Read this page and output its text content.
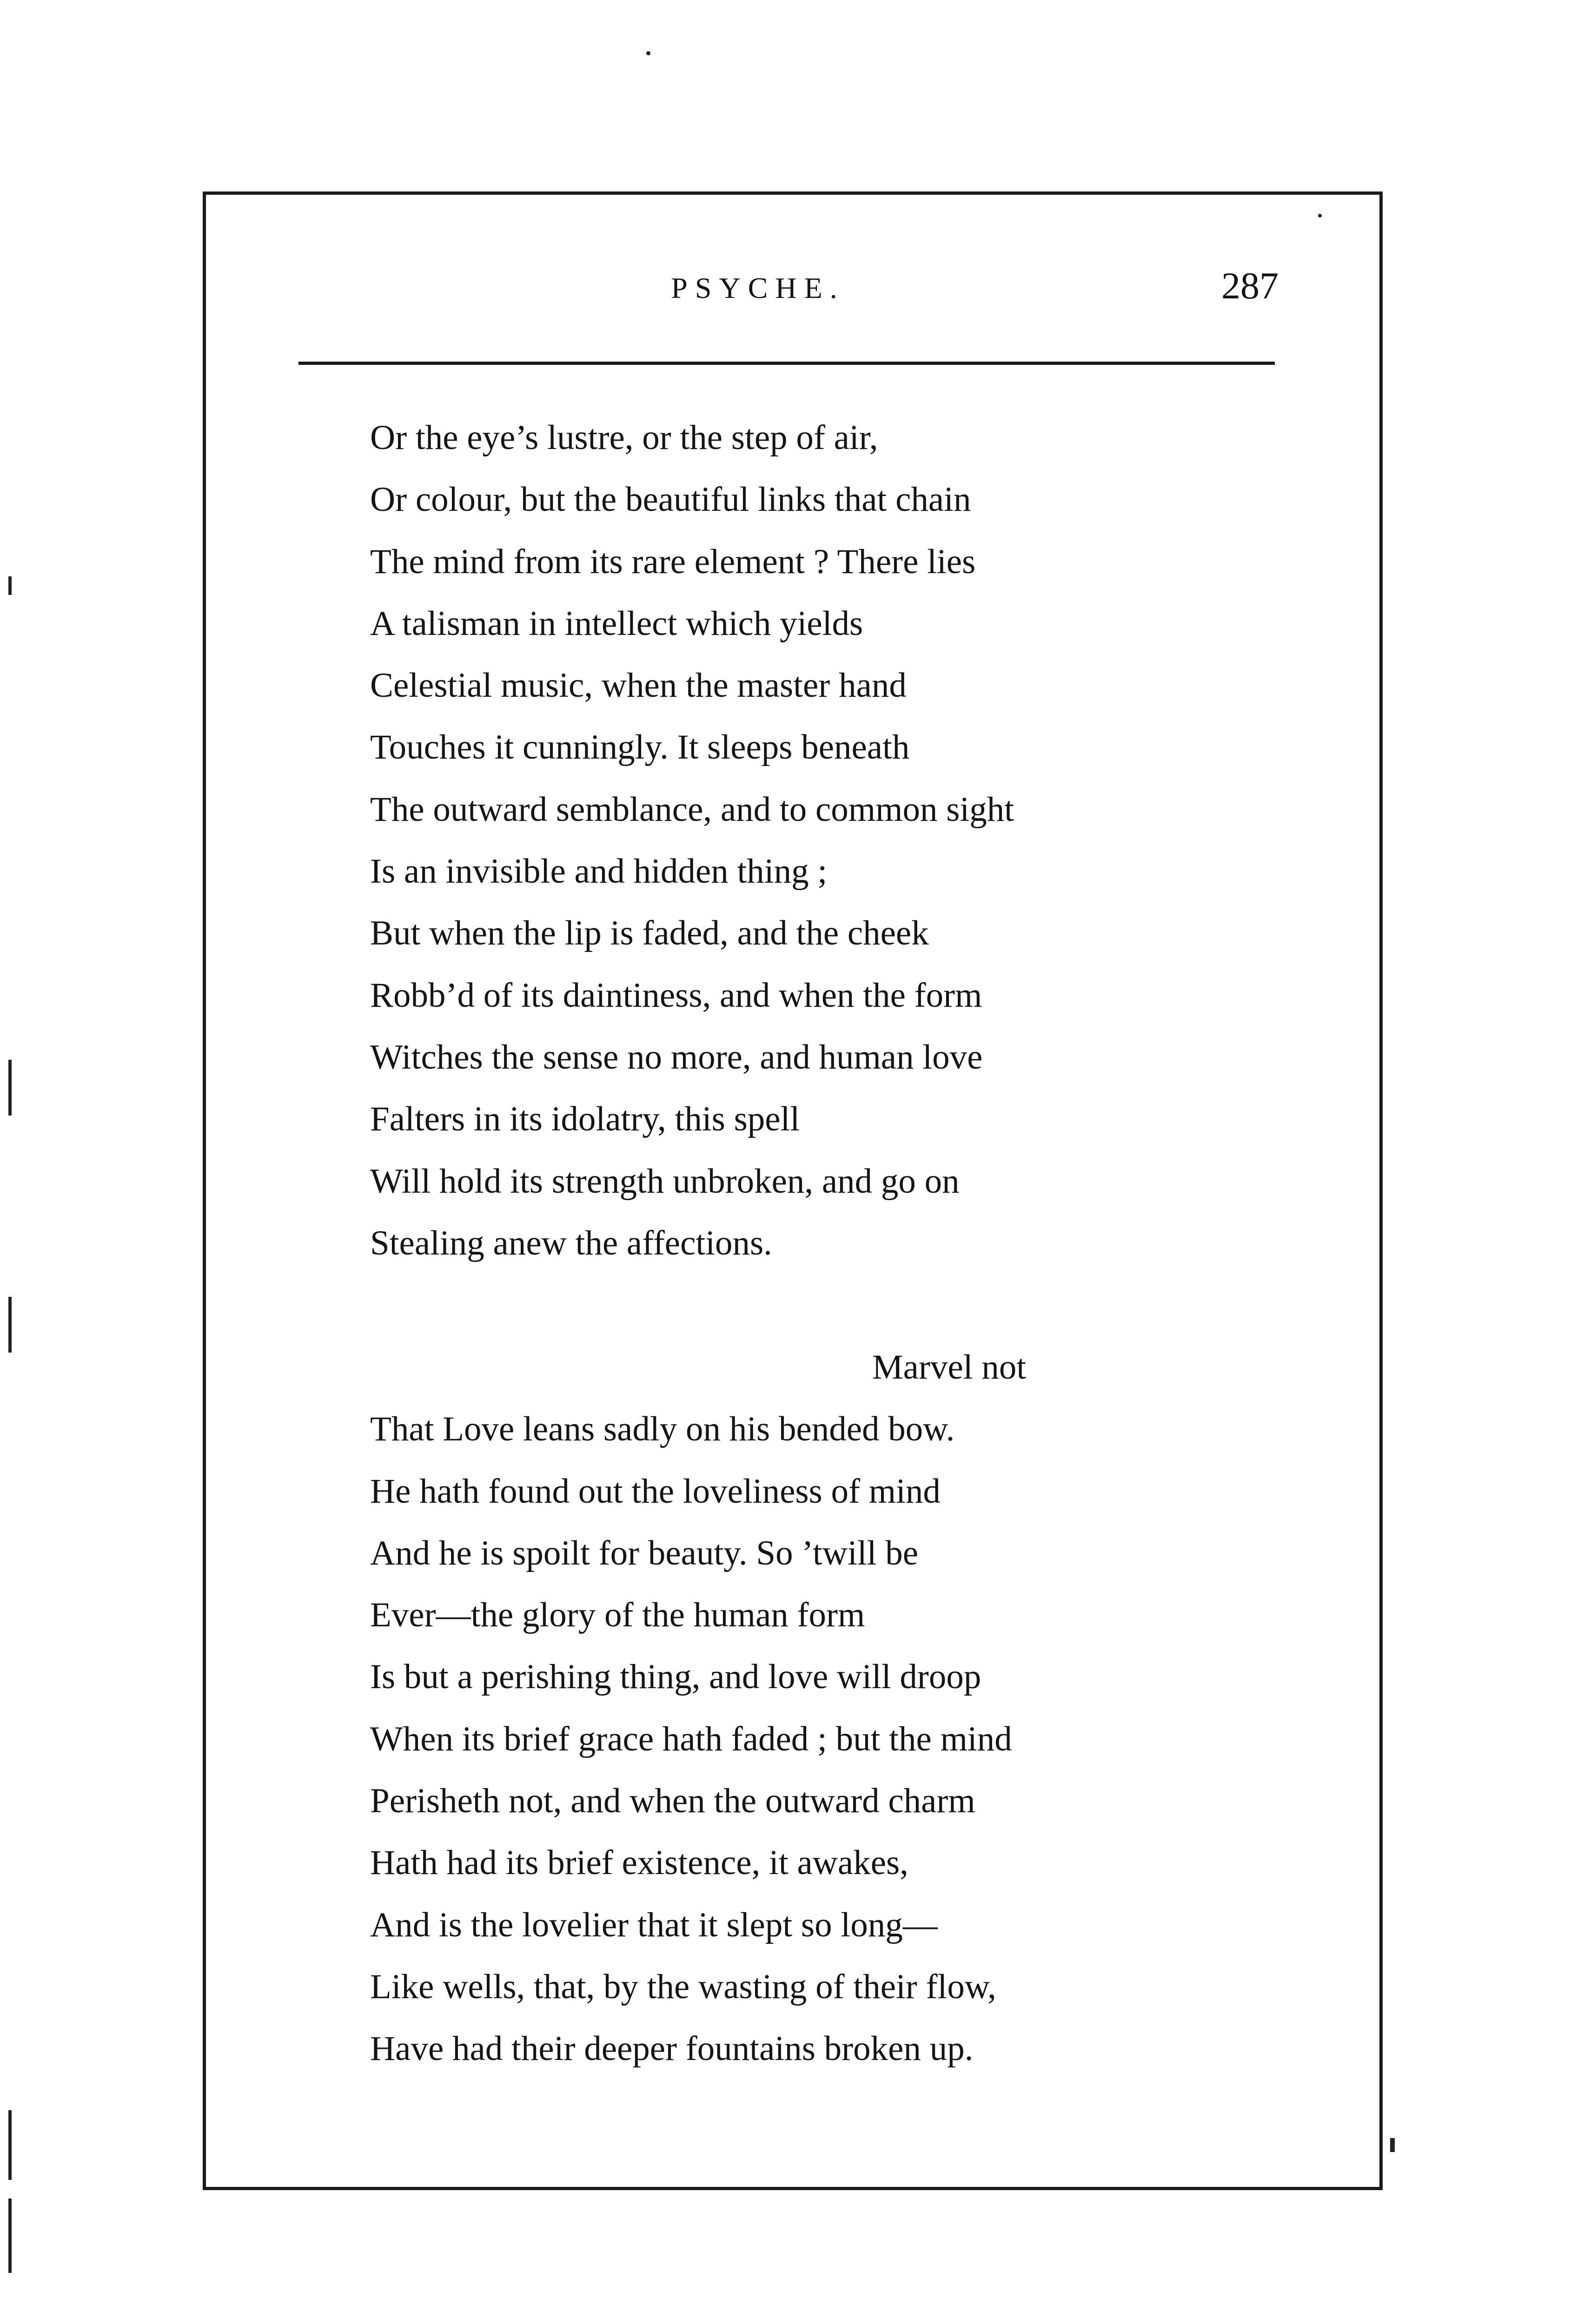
PSYCHE.	287
Or the eye’s lustre, or the step of air,
Or colour, but the beautiful links that chain
The mind from its rare element ? There lies
A talisman in intellect which yields
Celestial music, when the master hand
Touches it cunningly. It sleeps beneath
The outward semblance, and to common sight
Is an invisible and hidden thing ;
But when the lip is faded, and the cheek
Robb’d of its daintiness, and when the form
Witches the sense no more, and human love
Falters in its idolatry, this spell
Will hold its strength unbroken, and go on
Stealing anew the affections.
Marvel not
That Love leans sadly on his bended bow.
He hath found out the loveliness of mind
And he is spoilt for beauty. So ’twill be
Ever—the glory of the human form
Is but a perishing thing, and love will droop
When its brief grace hath faded ; but the mind
Perisheth not, and when the outward charm
Hath had its brief existence, it awakes,
And is the lovelier that it slept so long—
Like wells, that, by the wasting of their flow,
Have had their deeper fountains broken up.
